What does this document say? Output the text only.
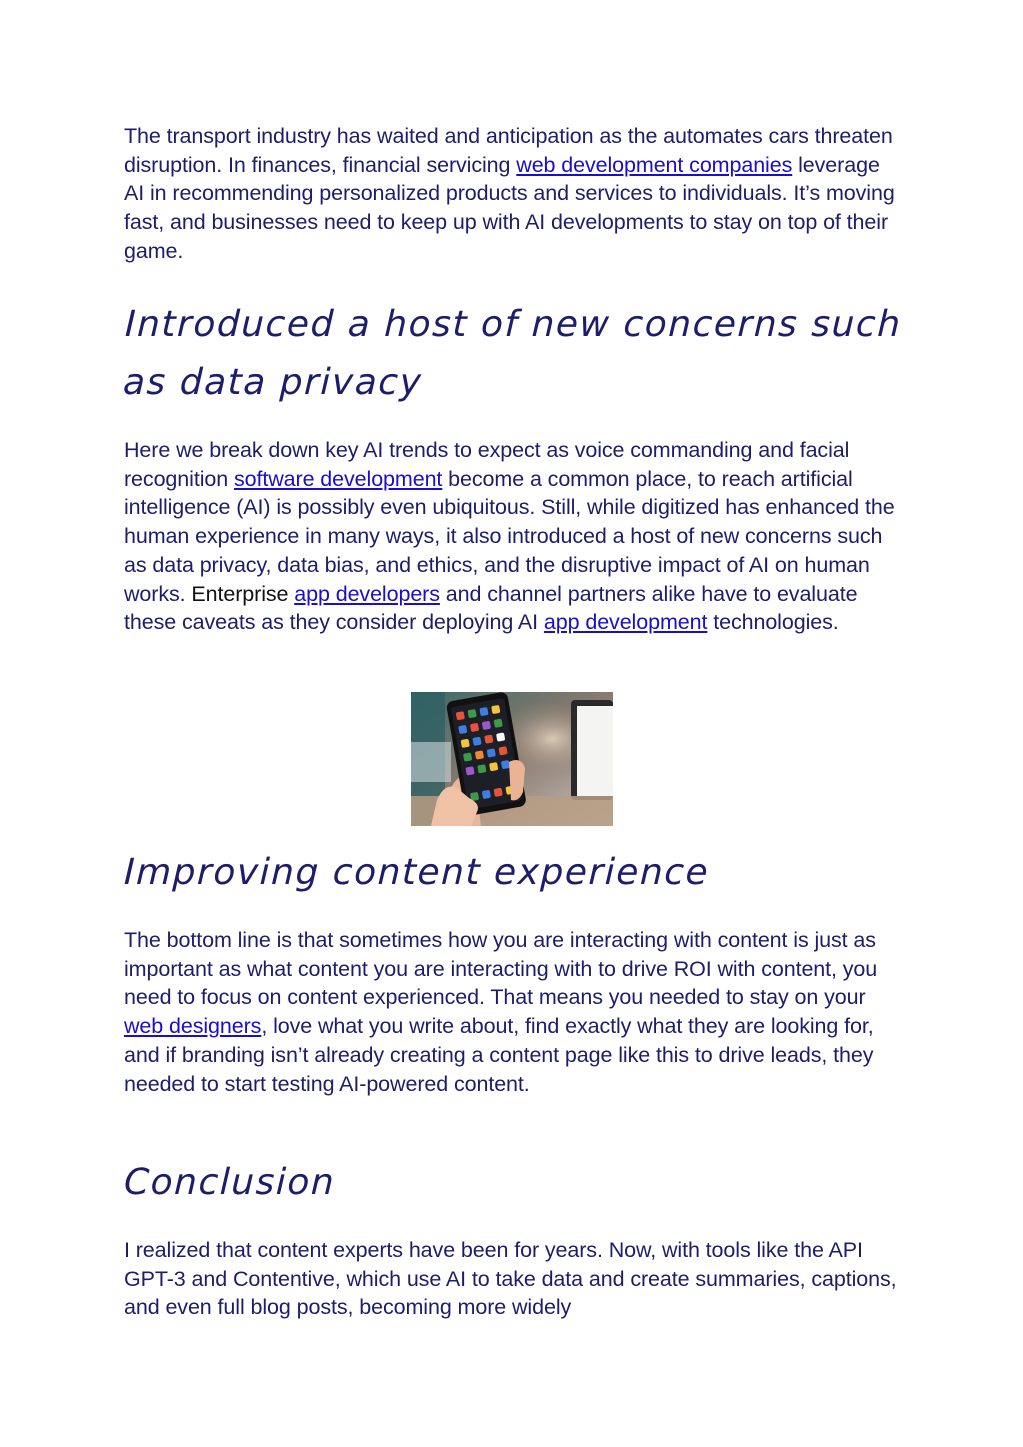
The transport industry has waited and anticipation as the automates cars threaten disruption. In finances, financial servicing web development companies leverage AI in recommending personalized products and services to individuals. It’s moving fast, and businesses need to keep up with AI developments to stay on top of their game.

Introduced a host of new concerns such as data privacy

Here we break down key AI trends to expect as voice commanding and facial recognition software development become a common place, to reach artificial intelligence (AI) is possibly even ubiquitous. Still, while digitized has enhanced the human experience in many ways, it also introduced a host of new concerns such as data privacy, data bias, and ethics, and the disruptive impact of AI on human works. Enterprise app developers and channel partners alike have to evaluate these caveats as they consider deploying AI app development technologies.

Improving content experience

The bottom line is that sometimes how you are interacting with content is just as important as what content you are interacting with to drive ROI with content, you need to focus on content experienced. That means you needed to stay on your web designers, love what you write about, find exactly what they are looking for, and if branding isn’t already creating a content page like this to drive leads, they needed to start testing AI-powered content.

Conclusion

I realized that content experts have been for years. Now, with tools like the API GPT-3 and Contentive, which use AI to take data and create summaries, captions, and even full blog posts, becoming more widely
